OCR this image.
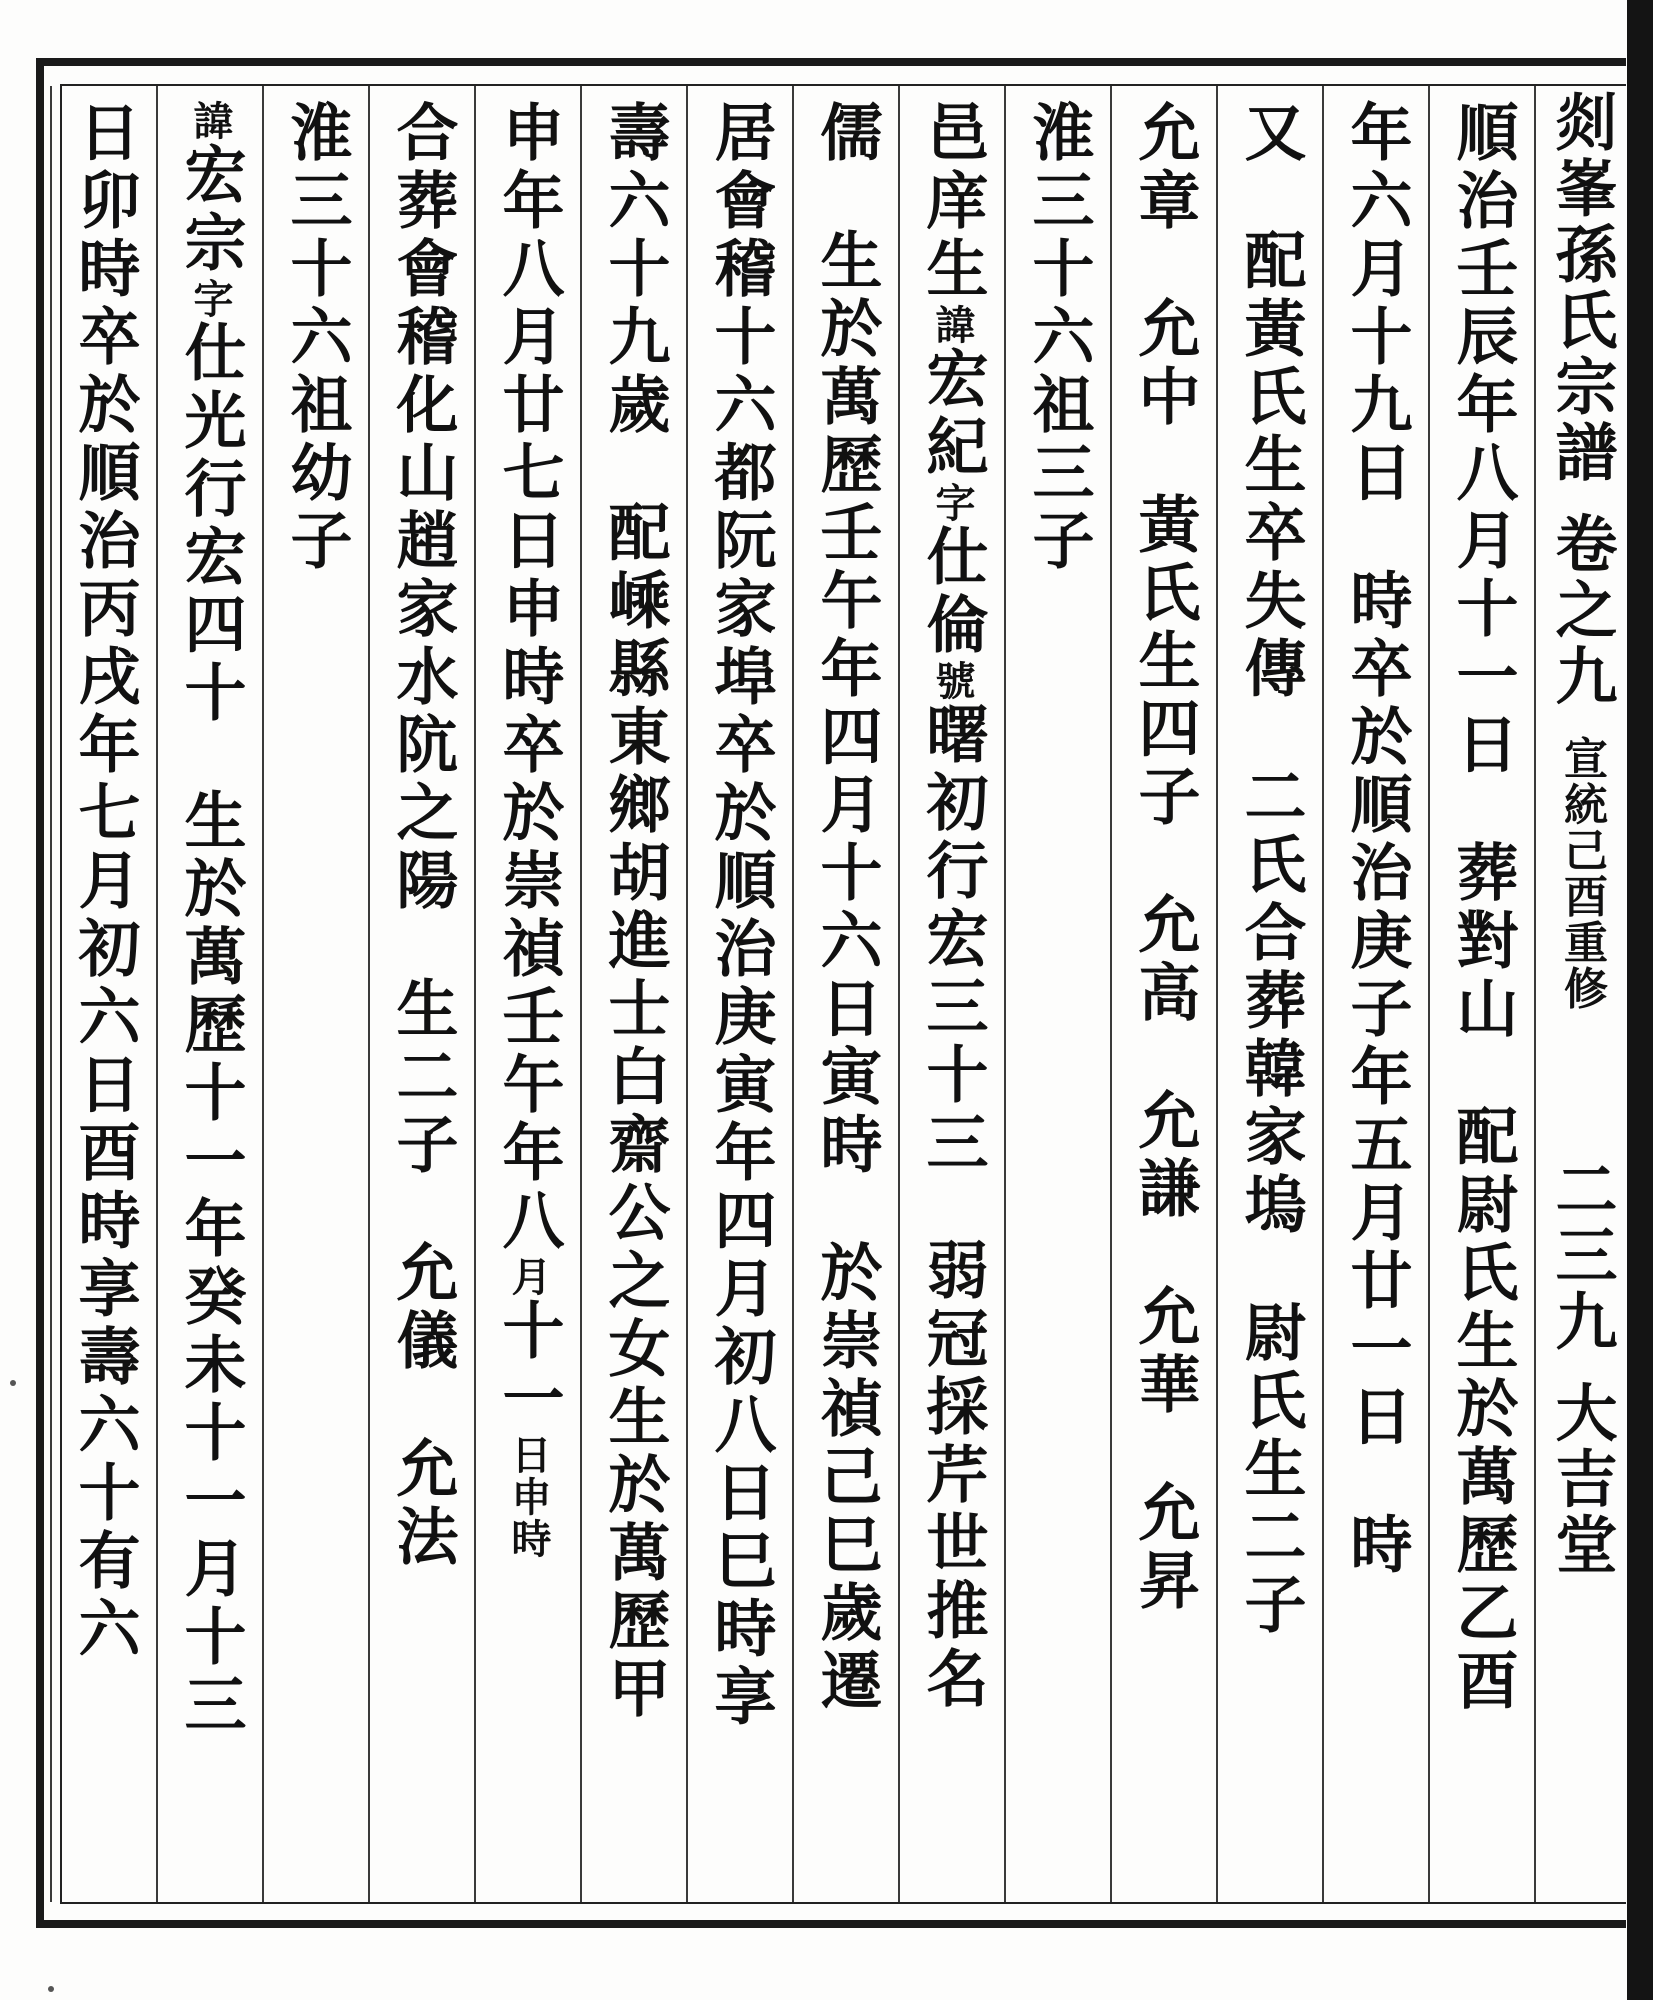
剡峯孫氏宗譜 卷之九 宣統己酉重修 二三九 大吉堂
順治壬辰年八月十一日葬對山配尉氏生於萬歷乙酉
年六月十九日時卒於順治庚子年五月廿一日時
又配黃氏生卒失傳二氏合葬韓家塢尉氏生二子
允章允中黃氏生四子允高允謙允華允昇
淮三十六祖三子
邑庠生諱宏紀字仕倫號曙初行宏三十三弱冠採芹世推名
儒生於萬歷壬午年四月十六日寅時於崇禎己巳歲遷
居會稽十六都阮家埠卒於順治庚寅年四月初八日巳時享
壽六十九歲配嵊縣東鄉胡進士白齋公之女生於萬歷甲
申年八月廿七日申時卒於崇禎壬午年八月十一日申時
合葬會稽化山趙家水阬之陽生二子允儀允法
淮三十六祖幼子
諱宏宗字仕光行宏四十生於萬歷十一年癸未十一月十三
日卯時卒於順治丙戌年七月初六日酉時享壽六十有六
